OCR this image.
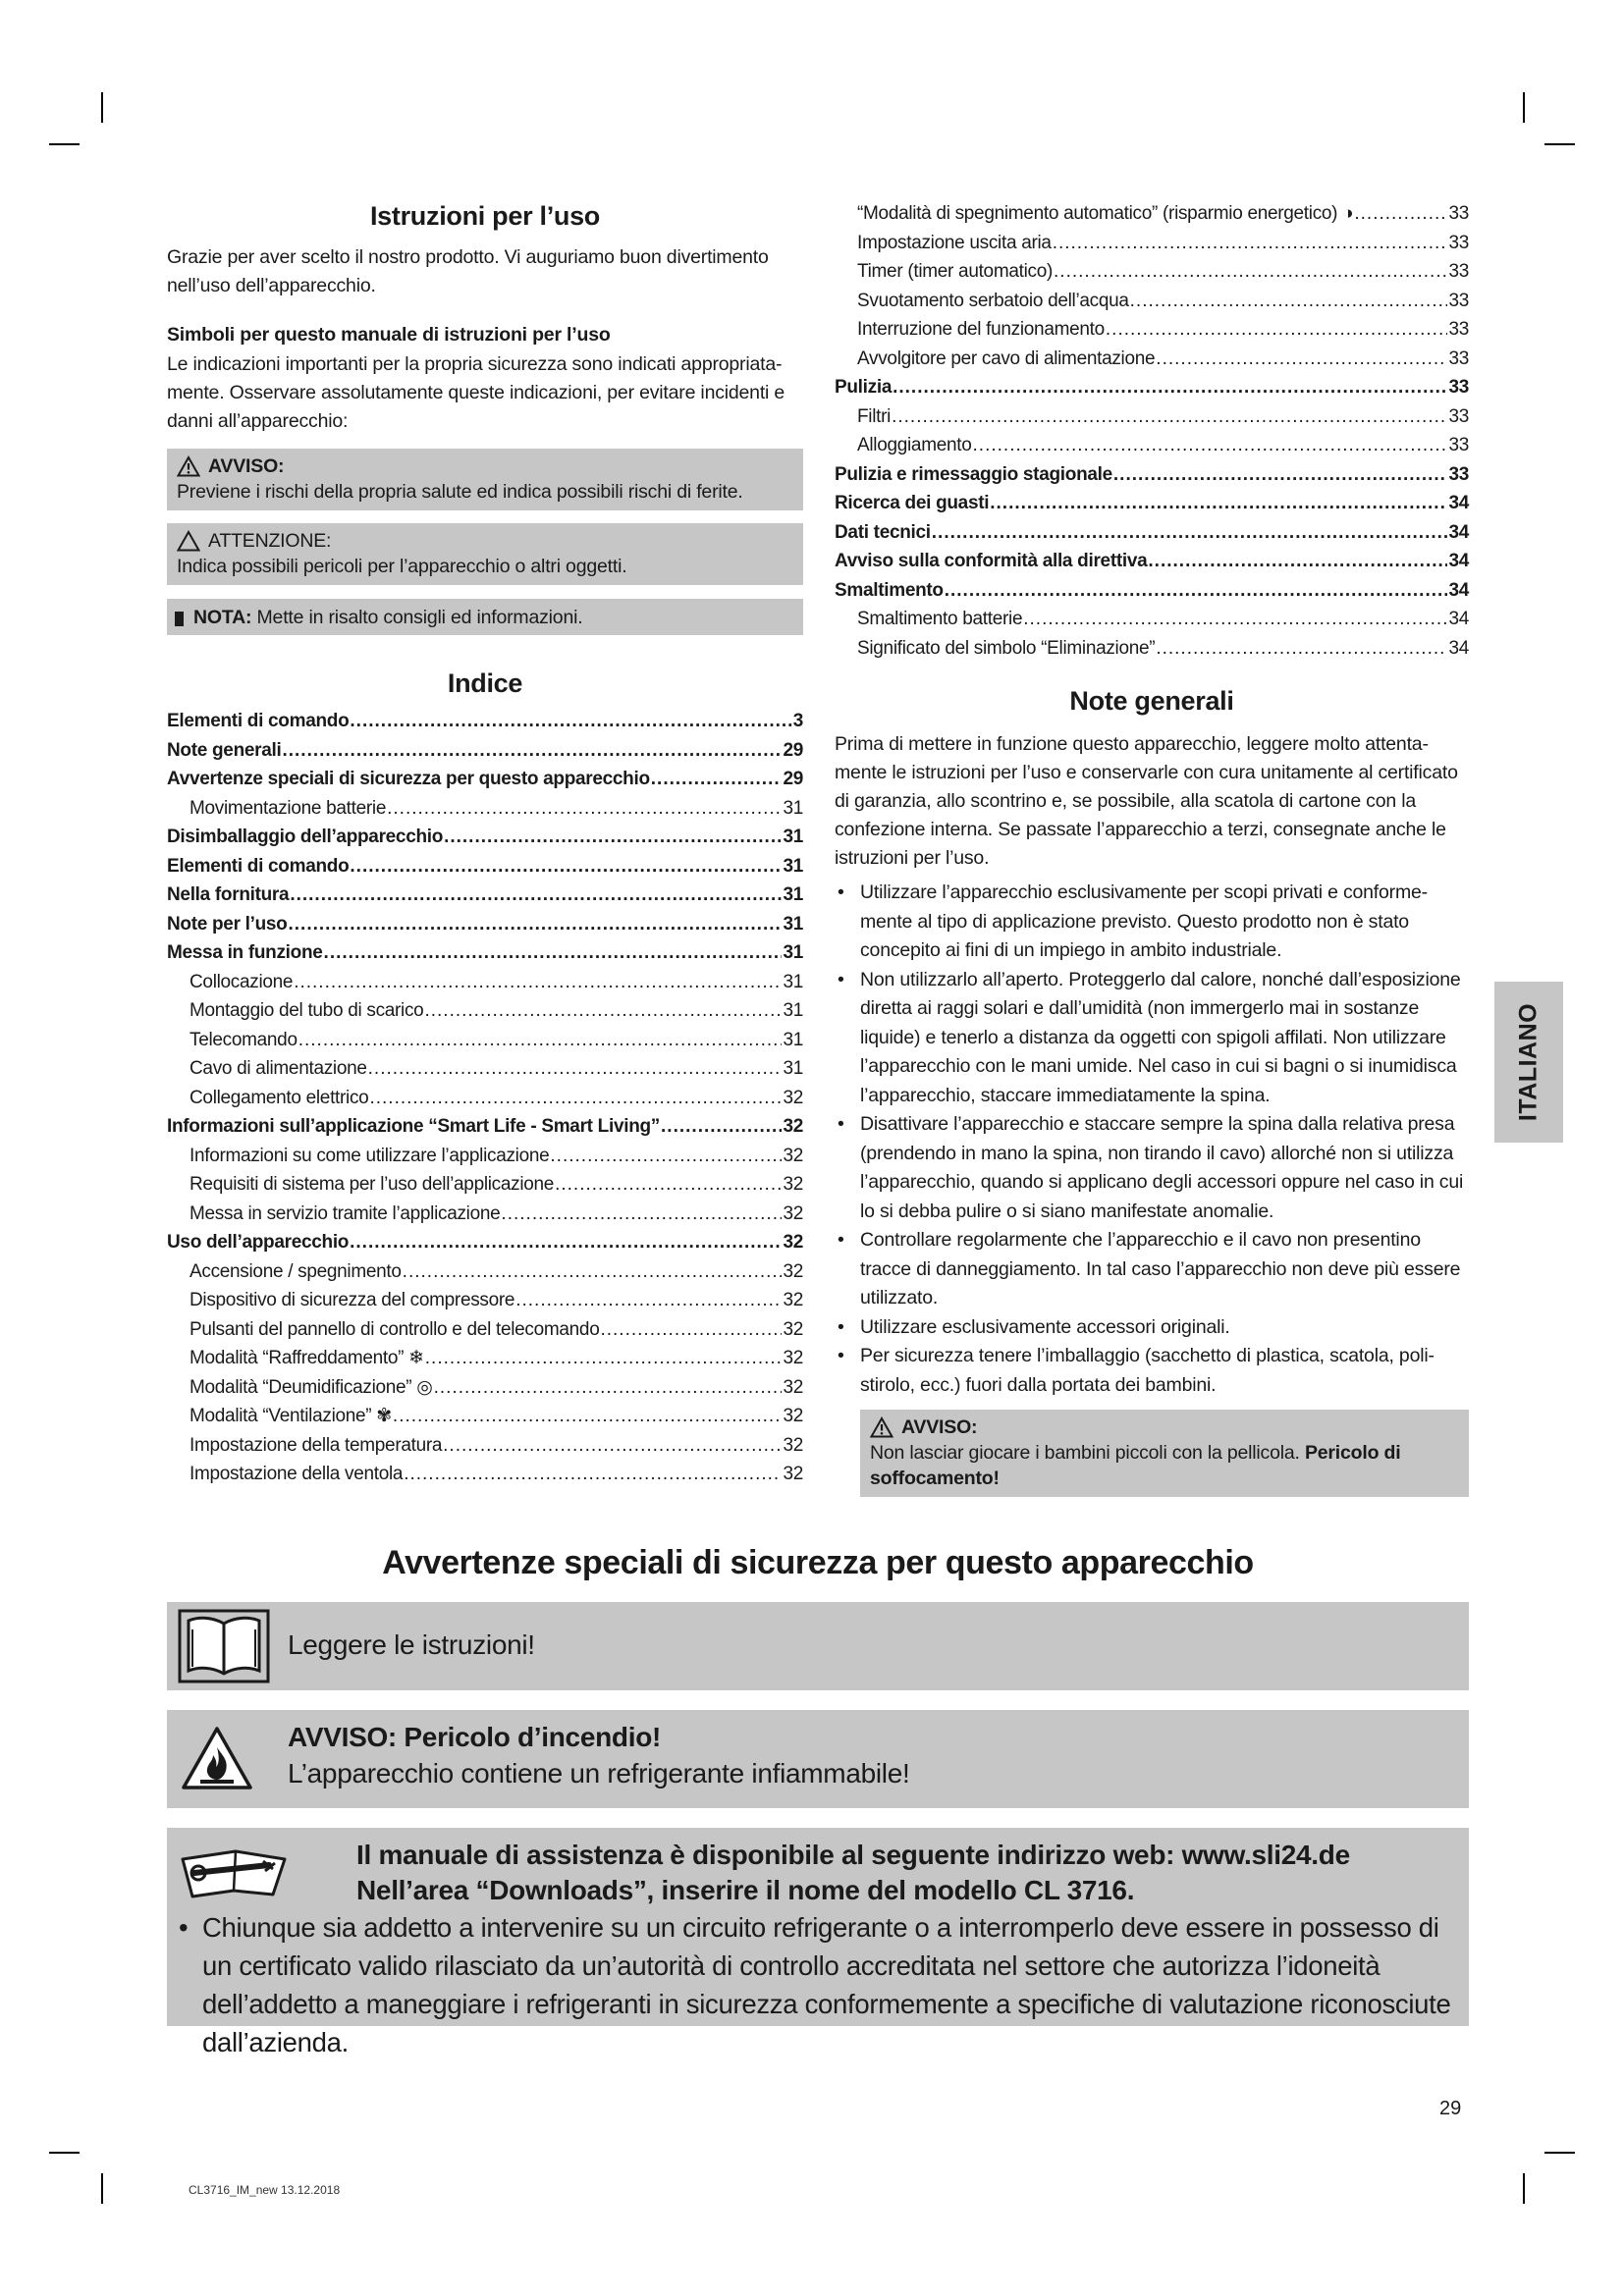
Istruzioni per l’uso

Grazie per aver scelto il nostro prodotto. Vi auguriamo buon divertimento nell’uso dell’apparecchio.

Simboli per questo manuale di istruzioni per l’uso

Le indicazioni importanti per la propria sicurezza sono indicati appropriatamente. Osservare assolutamente queste indicazioni, per evitare incidenti e danni all’apparecchio:

AVVISO:
Previene i rischi della propria salute ed indica possibili rischi di ferite.
ATTENZIONE:
Indica possibili pericoli per l’apparecchio o altri oggetti.
NOTA: Mette in risalto consigli ed informazioni.
Indice
Elementi di comando .....	3
Note generali .....	29
Avvertenze speciali di sicurezza per questo apparecchio .....	29
Movimentazione batterie .....	31
Disimballaggio dell’apparecchio .....	31
Elementi di comando .....	31
Nella fornitura .....	31
Note per l’uso .....	31
Messa in funzione .....	31
Collocazione .....	31
Montaggio del tubo di scarico .....	31
Telecomando .....	31
Cavo di alimentazione .....	31
Collegamento elettrico .....	32
Informazioni sull’applicazione “Smart Life - Smart Living” .....	32
Informazioni su come utilizzare l’applicazione .....	32
Requisiti di sistema per l’uso dell’applicazione .....	32
Messa in servizio tramite l’applicazione .....	32
Uso dell’apparecchio .....	32
Accensione / spegnimento .....	32
Dispositivo di sicurezza del compressore .....	32
Pulsanti del pannello di controllo e del telecomando .....	32
Modalità “Raffreddamento” ❄ .....	32
Modalità “Deumidificazione” ◎ .....	32
Modalità “Ventilazione” ✾ .....	32
Impostazione della temperatura .....	32
Impostazione della ventola .....	32
“Modalità di spegnimento automatico” (risparmio energetico) ◑ .....	33
Impostazione uscita aria .....	33
Timer (timer automatico) .....	33
Svuotamento serbatoio dell’acqua .....	33
Interruzione del funzionamento .....	33
Avvolgitore per cavo di alimentazione .....	33
Pulizia .....	33
Filtri .....	33
Alloggiamento .....	33
Pulizia e rimessaggio stagionale .....	33
Ricerca dei guasti .....	34
Dati tecnici .....	34
Avviso sulla conformità alla direttiva .....	34
Smaltimento .....	34
Smaltimento batterie .....	34
Significato del simbolo “Eliminazione” .....	34
Note generali

Prima di mettere in funzione questo apparecchio, leggere molto attentamente le istruzioni per l’uso e conservarle con cura unitamente al certificato di garanzia, allo scontrino e, se possibile, alla scatola di cartone con la confezione interna. Se passate l’apparecchio a terzi, consegnate anche le istruzioni per l’uso.

• Utilizzare l’apparecchio esclusivamente per scopi privati e conformemente al tipo di applicazione previsto. Questo prodotto non è stato concepito ai fini di un impiego in ambito industriale.
• Non utilizzarlo all’aperto. Proteggerlo dal calore, nonché dall’esposizione diretta ai raggi solari e dall’umidità (non immergerlo mai in sostanze liquide) e tenerlo a distanza da oggetti con spigoli affilati. Non utilizzare l’apparecchio con le mani umide. Nel caso in cui si bagni o si inumidisca l’apparecchio, staccare immediatamente la spina.
• Disattivare l’apparecchio e staccare sempre la spina dalla relativa presa (prendendo in mano la spina, non tirando il cavo) allorché non si utilizza l’apparecchio, quando si applicano degli accessori oppure nel caso in cui lo si debba pulire o si siano manifestate anomalie.
• Controllare regolarmente che l’apparecchio e il cavo non presentino tracce di danneggiamento. In tal caso l’apparecchio non deve più essere utilizzato.
• Utilizzare esclusivamente accessori originali.
• Per sicurezza tenere l’imballaggio (sacchetto di plastica, scatola, polistirolo, ecc.) fuori dalla portata dei bambini.
AVVISO:
Non lasciar giocare i bambini piccoli con la pellicola. Pericolo di soffocamento!
ITALIANO
Avvertenze speciali di sicurezza per questo apparecchio
Leggere le istruzioni!
AVVISO: Pericolo d’incendio!
L’apparecchio contiene un refrigerante infiammabile!
Il manuale di assistenza è disponibile al seguente indirizzo web: www.sli24.de
Nell’area “Downloads”, inserire il nome del modello CL 3716.
• Chiunque sia addetto a intervenire su un circuito refrigerante o a interromperlo deve essere in possesso di un certificato valido rilasciato da un’autorità di controllo accreditata nel settore che autorizza l’idoneità dell’addetto a maneggiare i refrigeranti in sicurezza conformemente a specifiche di valutazione riconosciute dall’azienda.
29
CL3716_IM_new 13.12.2018
